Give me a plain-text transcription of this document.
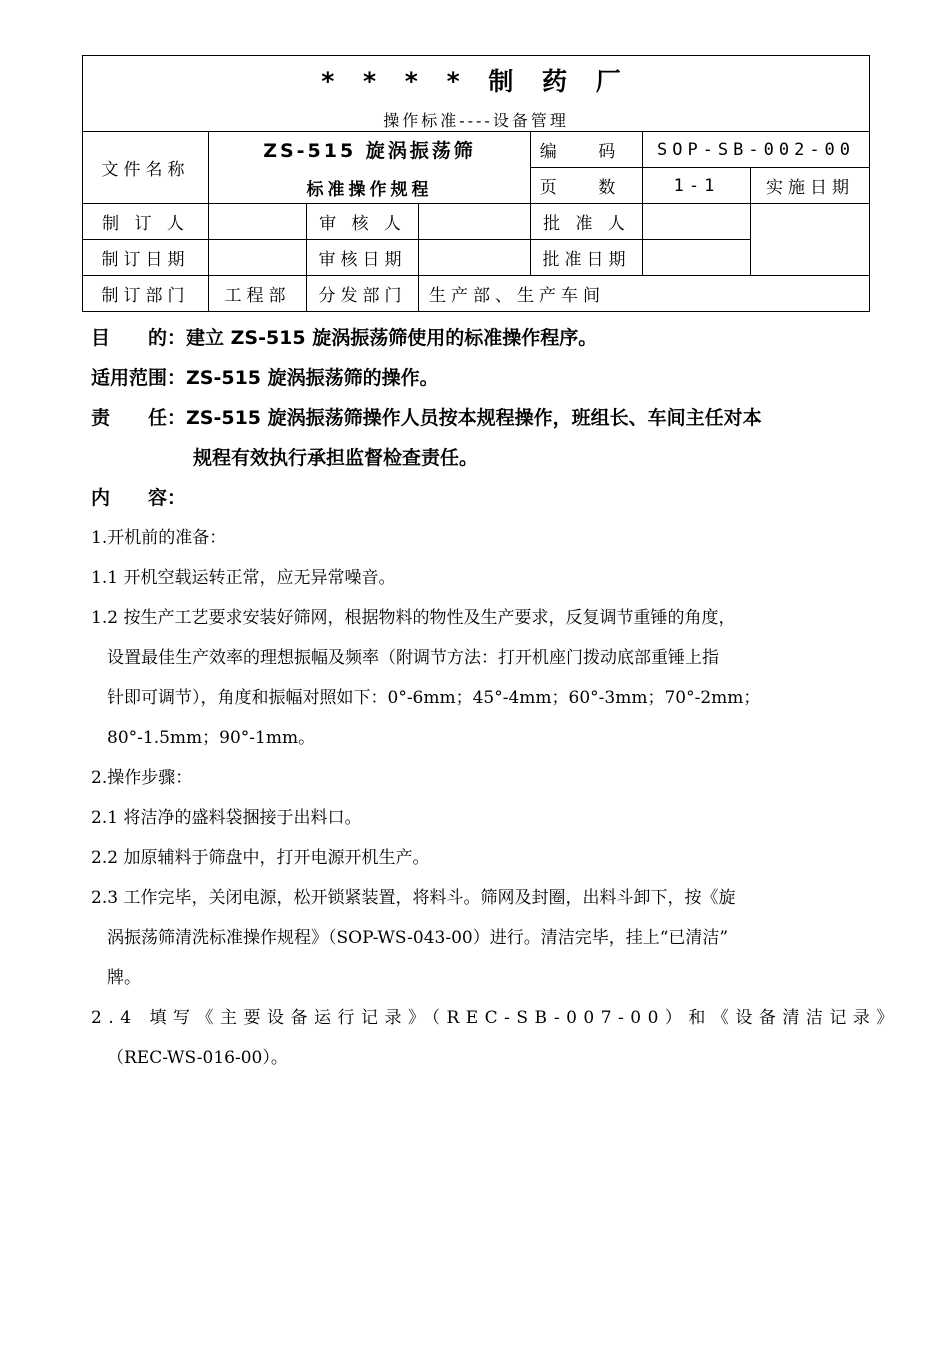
* * * * 制 药 厂
操作标准----设备管理						

文件名称	ZS-515 旋涡振荡筛
标准操作规程			编 码	SOP-SB-002-00	
				页 数	1-1	实施日期
制 订 人		审 核 人		批 准 人		
制订日期		审核日期		批准日期		
制订部门	工程部	分发部门	生产部、生产车间			

目　　的：建立 ZS-515 旋涡振荡筛使用的标准操作程序。

适用范围：ZS-515 旋涡振荡筛的操作。

责　　任：ZS-515 旋涡振荡筛操作人员按本规程操作，班组长、车间主任对本

规程有效执行承担监督检查责任。

内　　容：

1.开机前的准备：

1.1 开机空载运转正常，应无异常噪音。

1.2 按生产工艺要求安装好筛网，根据物料的物性及生产要求，反复调节重锤的角度，

设置最佳生产效率的理想振幅及频率（附调节方法：打开机座门拨动底部重锤上指

针即可调节），角度和振幅对照如下：0°-6mm；45°-4mm；60°-3mm；70°-2mm；

80°-1.5mm；90°-1mm。

2.操作步骤：

2.1 将洁净的盛料袋捆接于出料口。

2.2 加原辅料于筛盘中，打开电源开机生产。

2.3 工作完毕，关闭电源，松开锁紧装置，将料斗。筛网及封圈，出料斗卸下，按《旋

涡振荡筛清洗标准操作规程》（SOP-WS-043-00）进行。清洁完毕，挂上“已清洁”

牌。

2.4 填写《主要设备运行记录》（REC-SB-007-00）和《设备清洁记录》

（REC-WS-016-00）。
